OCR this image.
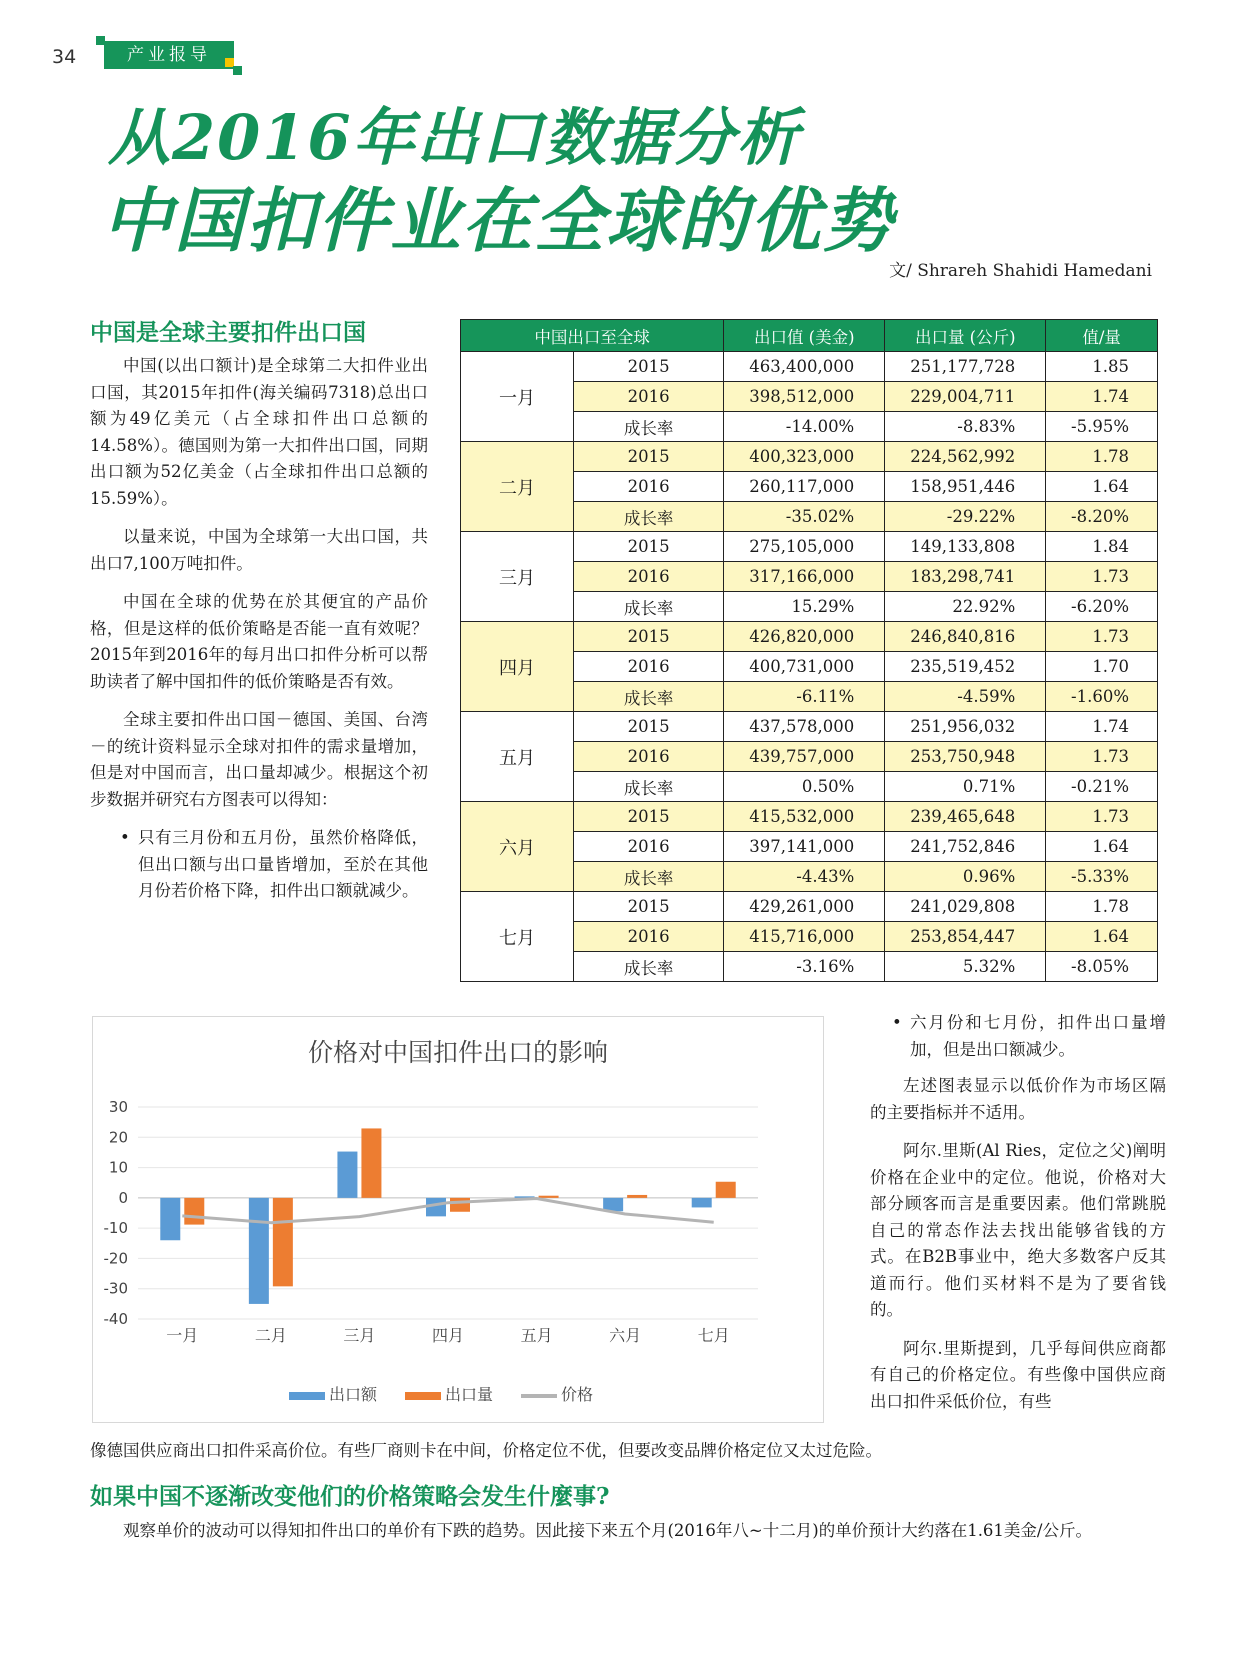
34	产业报导
从2016年出口数据分析
中国扣件业在全球的优势
文/ Shrareh Shahidi Hamedani
中国是全球主要扣件出口国

中国(以出口额计)是全球第二大扣件业出口国，其2015年扣件(海关编码7318)总出口额为49亿美元（占全球扣件出口总额的14.58%）。德国则为第一大扣件出口国，同期出口额为52亿美金（占全球扣件出口总额的15.59%）。

以量来说，中国为全球第一大出口国，共出口7,100万吨扣件。

中国在全球的优势在於其便宜的产品价格，但是这样的低价策略是否能一直有效呢？2015年到2016年的每月出口扣件分析可以帮助读者了解中国扣件的低价策略是否有效。

全球主要扣件出口国－德国、美国、台湾－的统计资料显示全球对扣件的需求量增加，但是对中国而言，出口量却减少。根据这个初步数据并研究右方图表可以得知：

• 只有三月份和五月份，虽然价格降低，但出口额与出口量皆增加，至於在其他月份若价格下降，扣件出口额就减少。
中国出口至全球		出口值 (美金)	出口量 (公斤)	值/量
一月	2015	463,400,000	251,177,728	1.85
	2016	398,512,000	229,004,711	1.74
	成长率	-14.00%	-8.83%	-5.95%
二月	2015	400,323,000	224,562,992	1.78
	2016	260,117,000	158,951,446	1.64
	成长率	-35.02%	-29.22%	-8.20%
三月	2015	275,105,000	149,133,808	1.84
	2016	317,166,000	183,298,741	1.73
	成长率	15.29%	22.92%	-6.20%
四月	2015	426,820,000	246,840,816	1.73
	2016	400,731,000	235,519,452	1.70
	成长率	-6.11%	-4.59%	-1.60%
五月	2015	437,578,000	251,956,032	1.74
	2016	439,757,000	253,750,948	1.73
	成长率	0.50%	0.71%	-0.21%
六月	2015	415,532,000	239,465,648	1.73
	2016	397,141,000	241,752,846	1.64
	成长率	-4.43%	0.96%	-5.33%
七月	2015	429,261,000	241,029,808	1.78
	2016	415,716,000	253,854,447	1.64
	成长率	-3.16%	5.32%	-8.05%
价格对中国扣件出口的影响
30
20
10
0
-10
-20
-30
-40
一月	二月	三月	四月	五月	六月	七月
出口额	出口量	价格
• 六月份和七月份，扣件出口量增加，但是出口额减少。

左述图表显示以低价作为市场区隔的主要指标并不适用。

阿尔.里斯(Al Ries，定位之父)阐明价格在企业中的定位。他说，价格对大部分顾客而言是重要因素。他们常跳脱自己的常态作法去找出能够省钱的方式。在B2B事业中，绝大多数客户反其道而行。他们买材料不是为了要省钱的。

阿尔.里斯提到，几乎每间供应商都有自己的价格定位。有些像中国供应商出口扣件采低价位，有些

像德国供应商出口扣件采高价位。有些厂商则卡在中间，价格定位不优，但要改变品牌价格定位又太过危险。

如果中国不逐渐改变他们的价格策略会发生什麼事?

观察单价的波动可以得知扣件出口的单价有下跌的趋势。因此接下来五个月(2016年八~十二月)的单价预计大约落在1.61美金/公斤。
